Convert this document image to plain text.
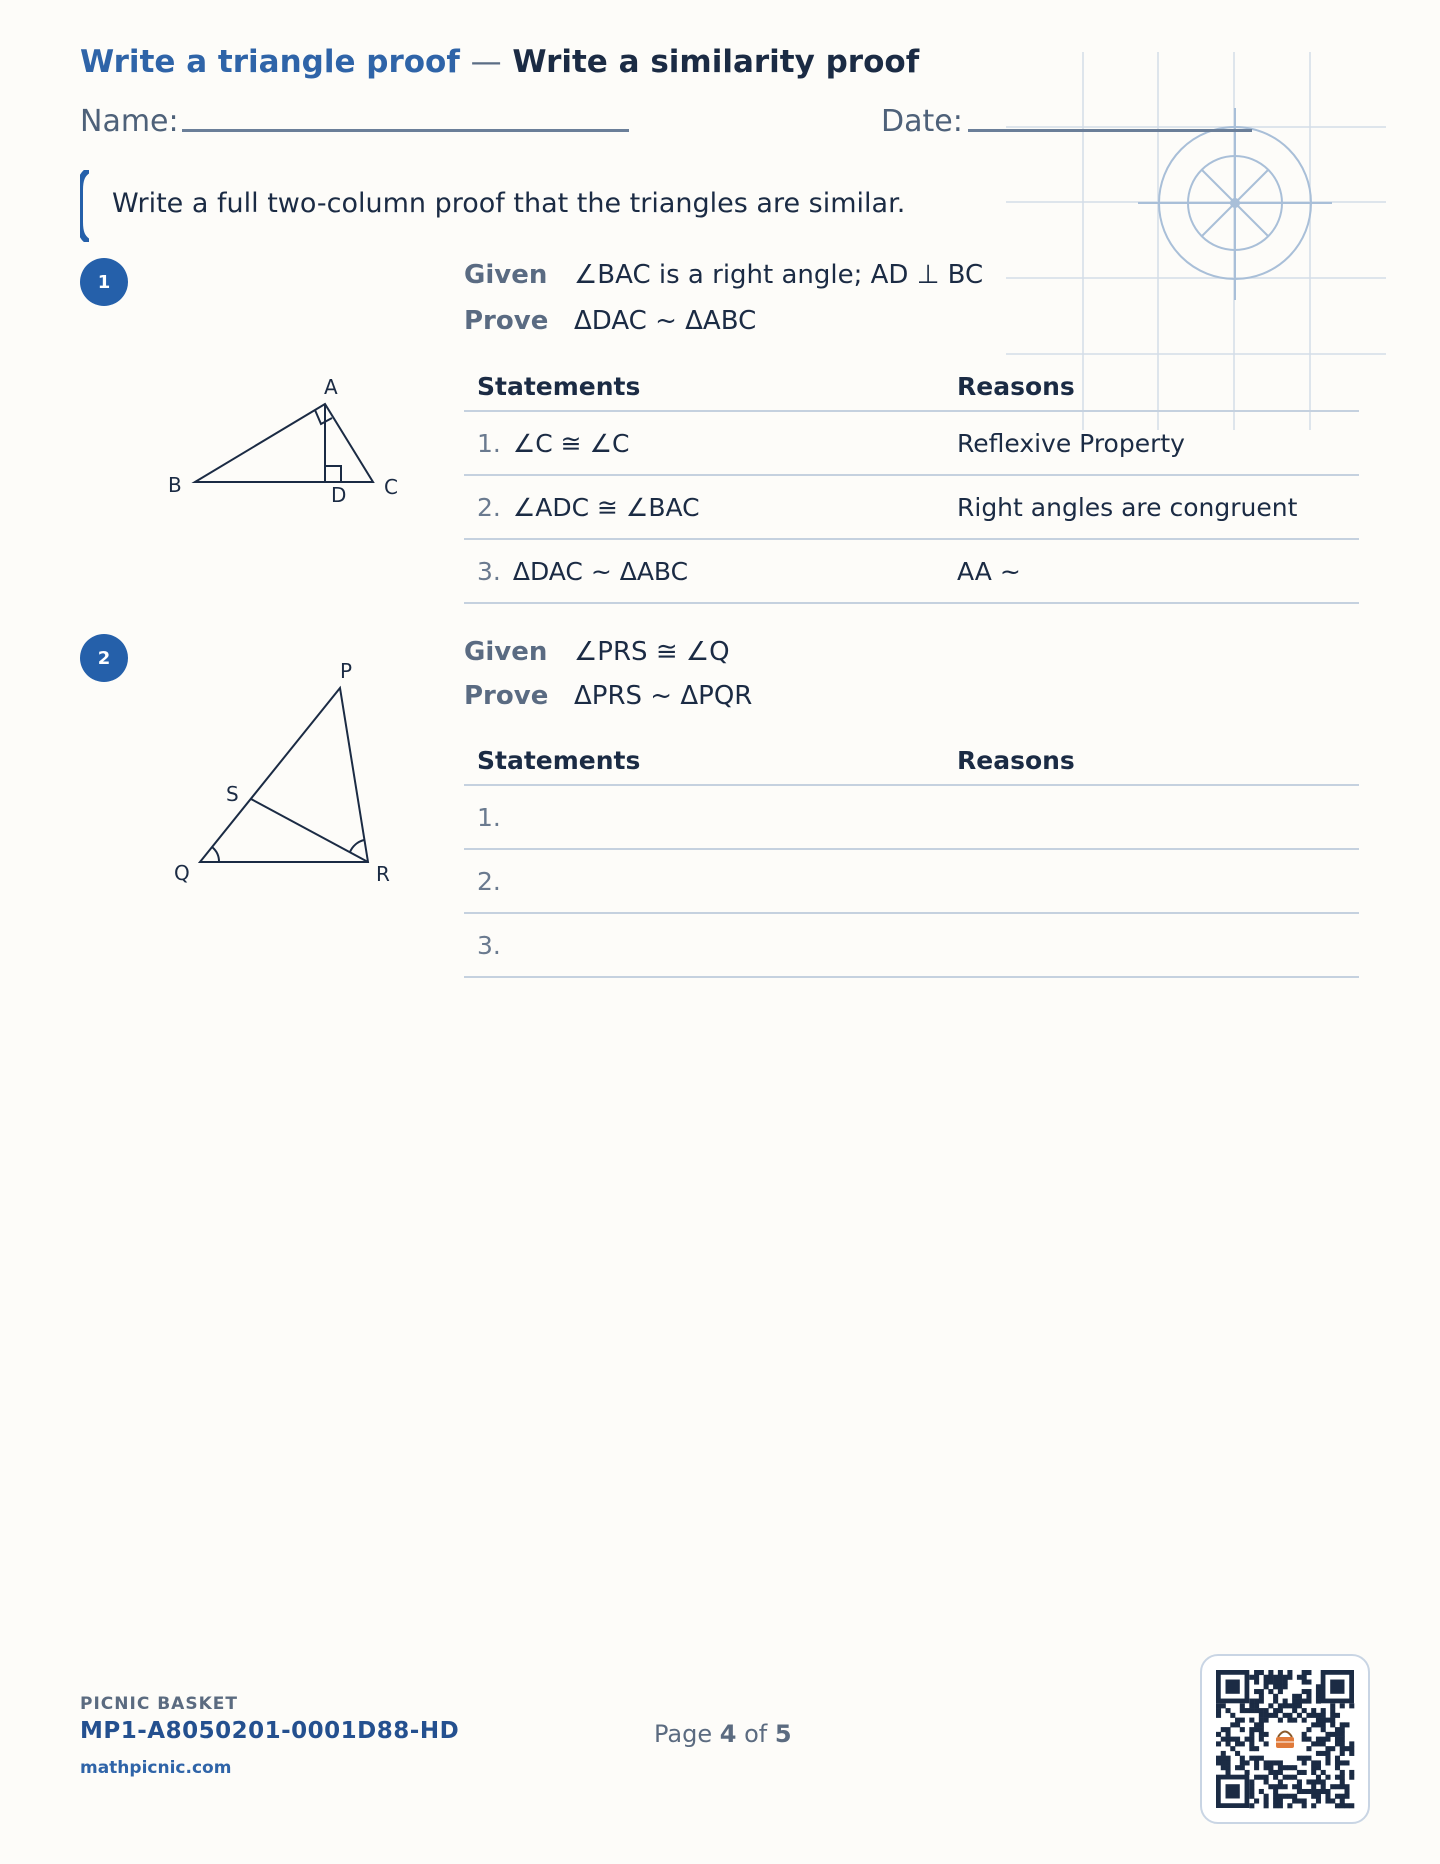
Write a triangle proof — Write a similarity proof
Name:	Date:
Write a full two-column proof that the triangles are similar.
1
A
B	C
D
Given ∠BAC is a right angle; AD ⊥ BC
Prove ΔDAC ~ ΔABC
Statements	Reasons
1. ∠C ≅ ∠C	Reflexive Property
2. ∠ADC ≅ ∠BAC	Right angles are congruent
3. ΔDAC ~ ΔABC	AA ~
2
P
Q	R
S
Given ∠PRS ≅ ∠Q
Prove ΔPRS ~ ΔPQR
Statements	Reasons
1.
2.
3.
PICNIC BASKET
MP1-A8050201-0001D88-HD
mathpicnic.com
Page 4 of 5
